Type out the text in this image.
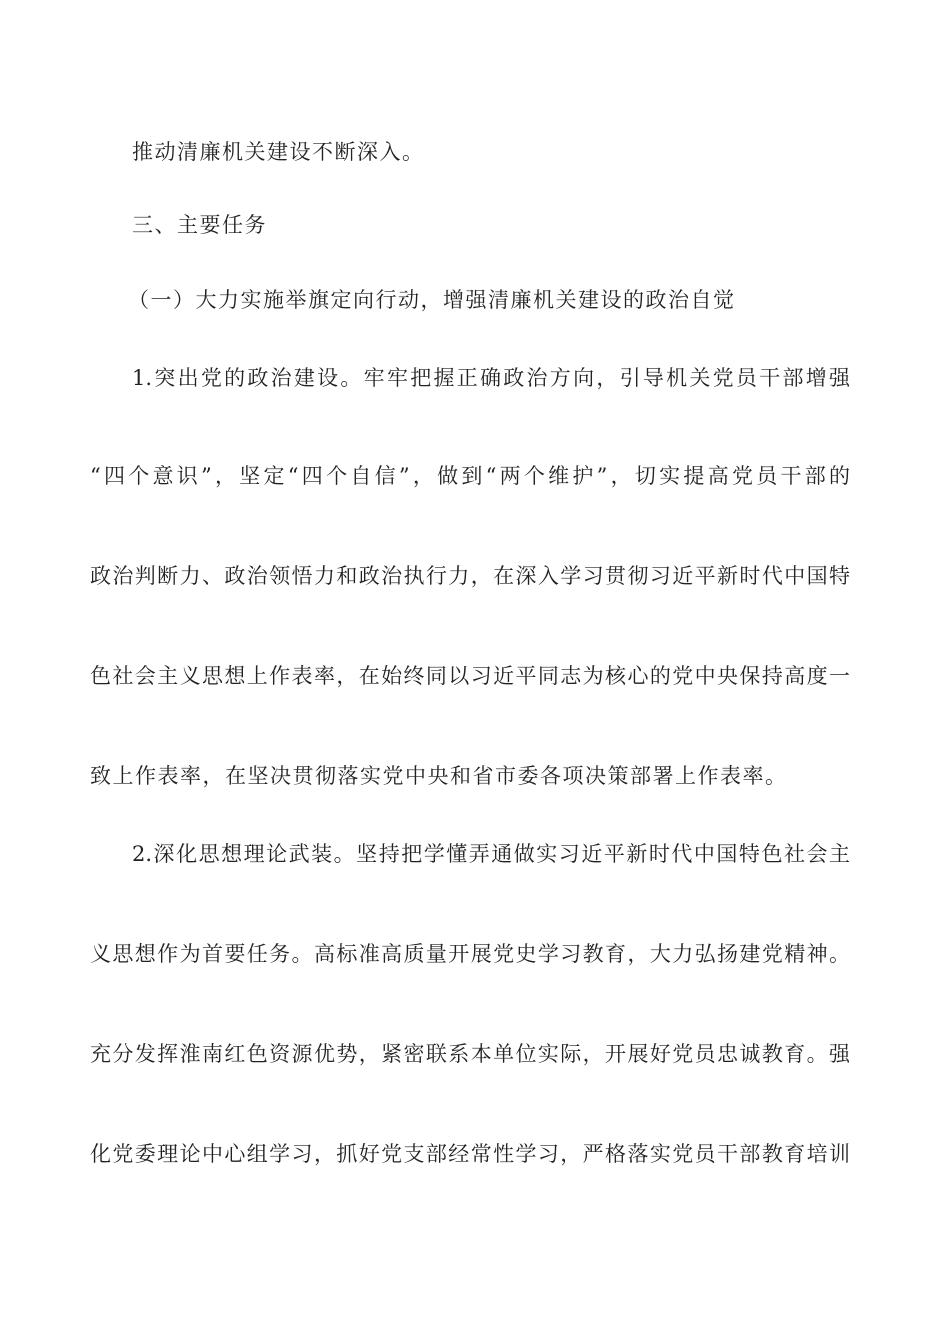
推动清廉机关建设不断深入。
三、主要任务
（一）大力实施举旗定向行动，增强清廉机关建设的政治自觉
1.突出党的政治建设。牢牢把握正确政治方向，引导机关党员干部增强
“四个意识”，坚定“四个自信”，做到“两个维护”，切实提高党员干部的
政治判断力、政治领悟力和政治执行力，在深入学习贯彻习近平新时代中国特
色社会主义思想上作表率，在始终同以习近平同志为核心的党中央保持高度一
致上作表率，在坚决贯彻落实党中央和省市委各项决策部署上作表率。
2.深化思想理论武装。坚持把学懂弄通做实习近平新时代中国特色社会主
义思想作为首要任务。高标准高质量开展党史学习教育，大力弘扬建党精神。
充分发挥淮南红色资源优势，紧密联系本单位实际，开展好党员忠诚教育。强
化党委理论中心组学习，抓好党支部经常性学习，严格落实党员干部教育培训
